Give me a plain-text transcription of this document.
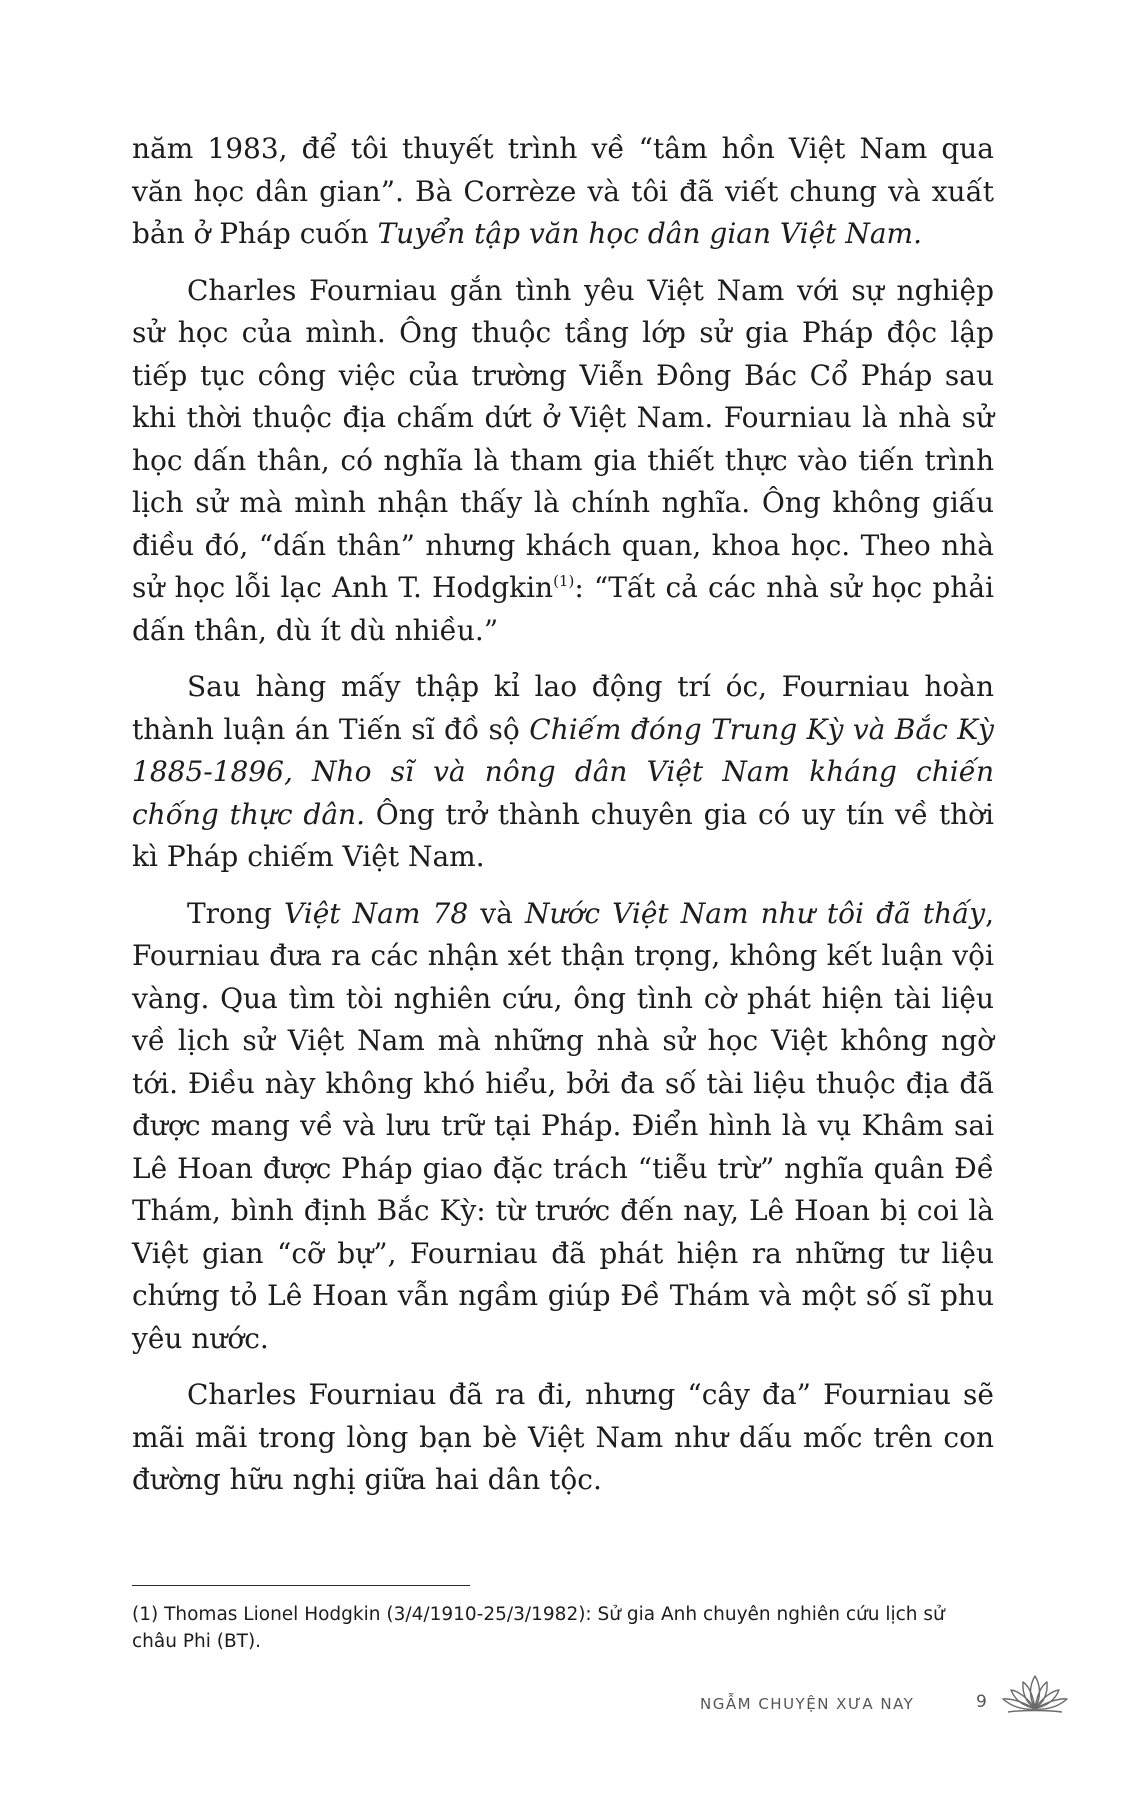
năm 1983, để tôi thuyết trình về “tâm hồn Việt Nam qua văn học dân gian”. Bà Corrèze và tôi đã viết chung và xuất bản ở Pháp cuốn Tuyển tập văn học dân gian Việt Nam.

Charles Fourniau gắn tình yêu Việt Nam với sự nghiệp sử học của mình. Ông thuộc tầng lớp sử gia Pháp độc lập tiếp tục công việc của trường Viễn Đông Bác Cổ Pháp sau khi thời thuộc địa chấm dứt ở Việt Nam. Fourniau là nhà sử học dấn thân, có nghĩa là tham gia thiết thực vào tiến trình lịch sử mà mình nhận thấy là chính nghĩa. Ông không giấu điều đó, “dấn thân” nhưng khách quan, khoa học. Theo nhà sử học lỗi lạc Anh T. Hodgkin$^{(1)}$: “Tất cả các nhà sử học phải dấn thân, dù ít dù nhiều.”

Sau hàng mấy thập kỉ lao động trí óc, Fourniau hoàn thành luận án Tiến sĩ đồ sộ Chiếm đóng Trung Kỳ và Bắc Kỳ 1885-1896, Nho sĩ và nông dân Việt Nam kháng chiến chống thực dân. Ông trở thành chuyên gia có uy tín về thời kì Pháp chiếm Việt Nam.

Trong Việt Nam 78 và Nước Việt Nam như tôi đã thấy, Fourniau đưa ra các nhận xét thận trọng, không kết luận vội vàng. Qua tìm tòi nghiên cứu, ông tình cờ phát hiện tài liệu về lịch sử Việt Nam mà những nhà sử học Việt không ngờ tới. Điều này không khó hiểu, bởi đa số tài liệu thuộc địa đã được mang về và lưu trữ tại Pháp. Điển hình là vụ Khâm sai Lê Hoan được Pháp giao đặc trách “tiễu trừ” nghĩa quân Đề Thám, bình định Bắc Kỳ: từ trước đến nay, Lê Hoan bị coi là Việt gian “cỡ bự”, Fourniau đã phát hiện ra những tư liệu chứng tỏ Lê Hoan vẫn ngầm giúp Đề Thám và một số sĩ phu yêu nước.

Charles Fourniau đã ra đi, nhưng “cây đa” Fourniau sẽ mãi mãi trong lòng bạn bè Việt Nam như dấu mốc trên con đường hữu nghị giữa hai dân tộc.

(1) Thomas Lionel Hodgkin (3/4/1910-25/3/1982): Sử gia Anh chuyên nghiên cứu lịch sử châu Phi (BT).
NGẪM CHUYỆN XƯA NAY	9
